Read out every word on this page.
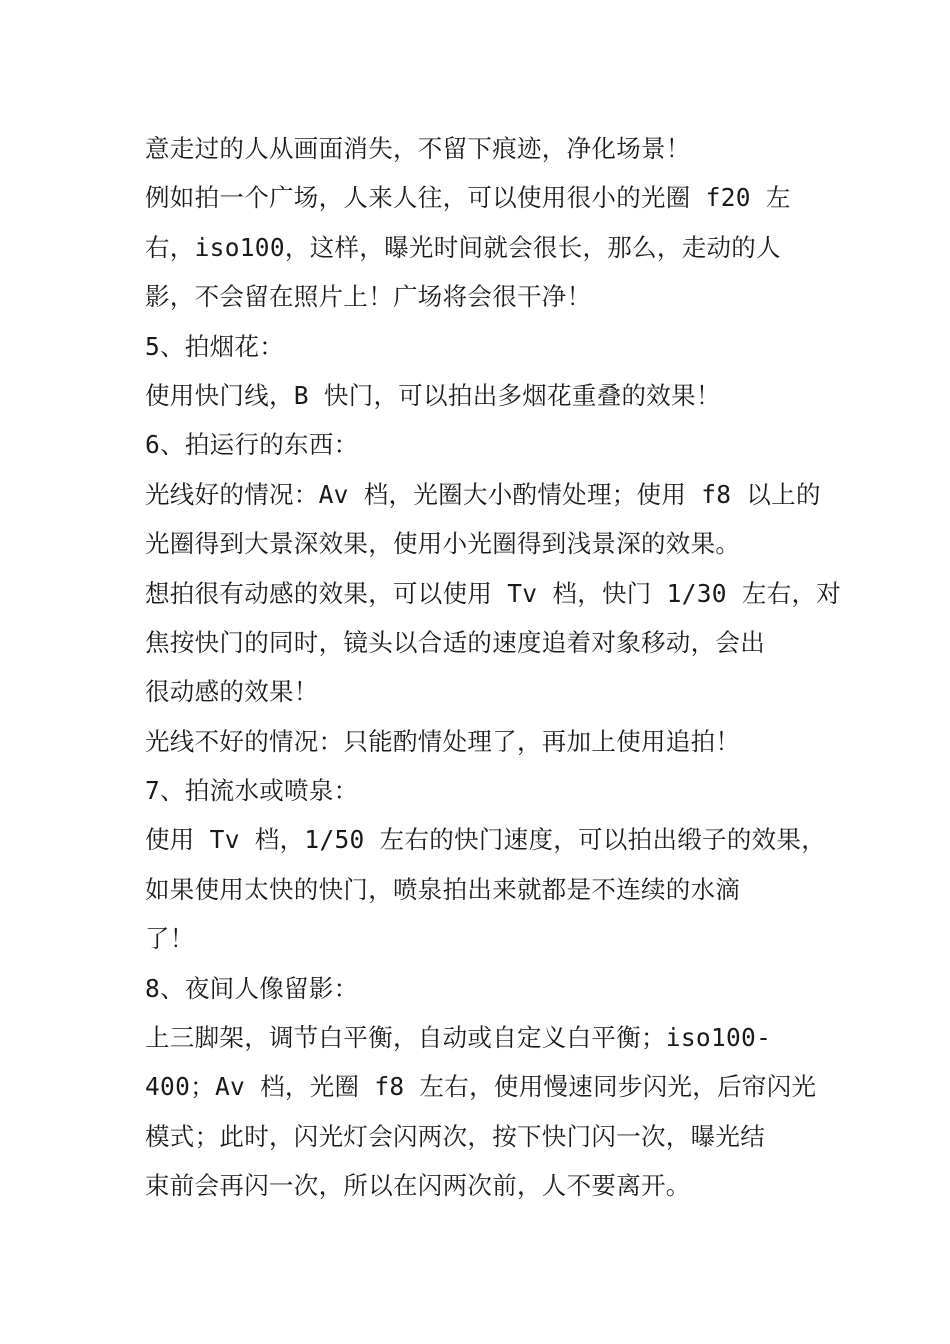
意走过的人从画面消失，不留下痕迹，净化场景！
例如拍一个广场，人来人往，可以使用很小的光圈 f20 左
右，iso100，这样，曝光时间就会很长，那么，走动的人
影，不会留在照片上！广场将会很干净！
5、拍烟花：
使用快门线，B 快门，可以拍出多烟花重叠的效果！
6、拍运行的东西：
光线好的情况：Av 档，光圈大小酌情处理；使用 f8 以上的
光圈得到大景深效果，使用小光圈得到浅景深的效果。
想拍很有动感的效果，可以使用 Tv 档，快门 1/30 左右，对
焦按快门的同时，镜头以合适的速度追着对象移动，会出
很动感的效果！
光线不好的情况：只能酌情处理了，再加上使用追拍！
7、拍流水或喷泉：
使用 Tv 档，1/50 左右的快门速度，可以拍出缎子的效果，
如果使用太快的快门，喷泉拍出来就都是不连续的水滴
了！
8、夜间人像留影：
上三脚架，调节白平衡，自动或自定义白平衡；iso100-
400；Av 档，光圈 f8 左右，使用慢速同步闪光，后帘闪光
模式；此时，闪光灯会闪两次，按下快门闪一次，曝光结
束前会再闪一次，所以在闪两次前，人不要离开。
